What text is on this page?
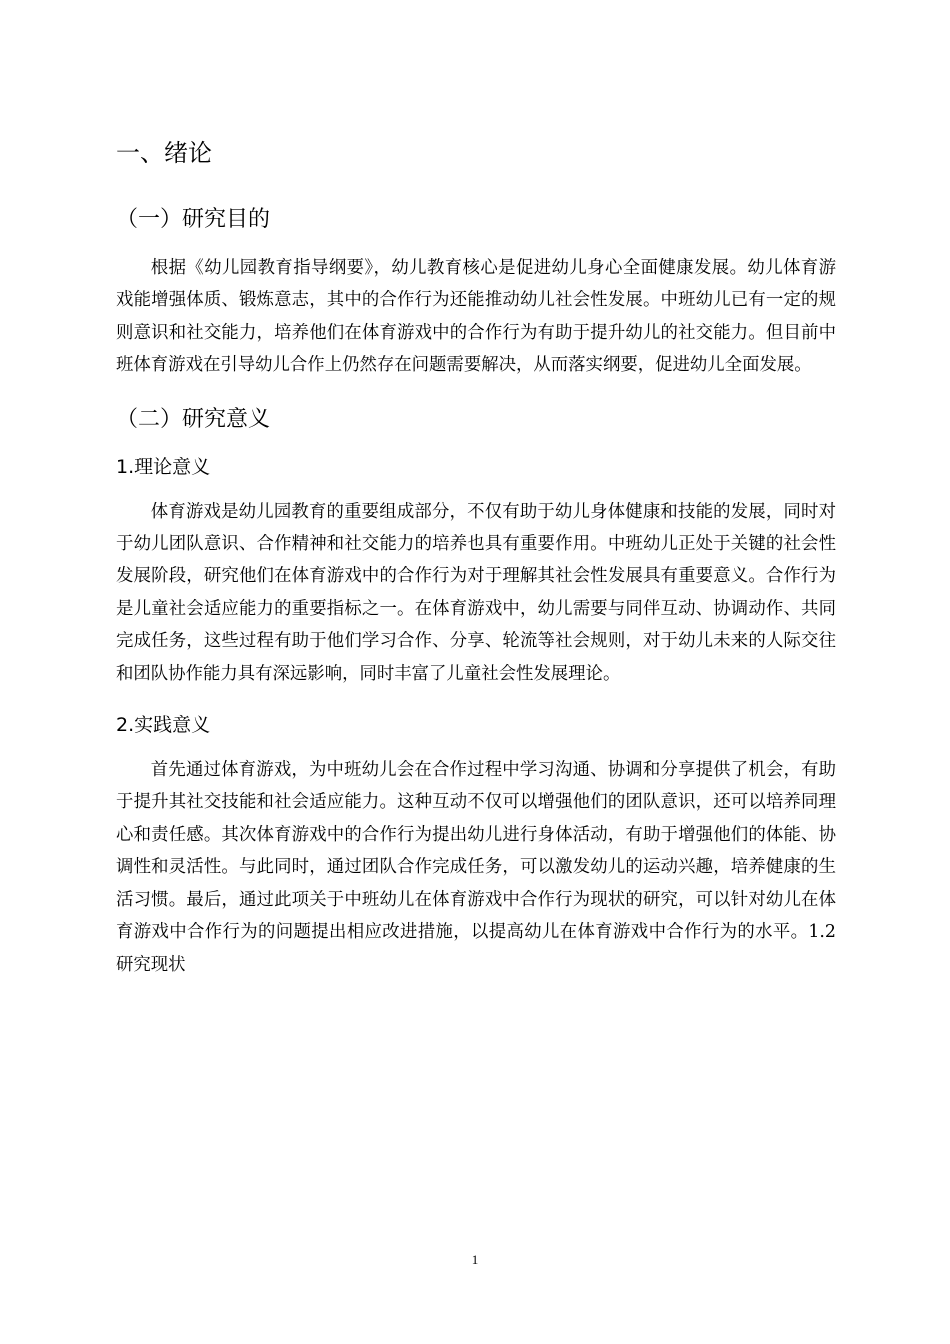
一、绪论
（一）研究目的

根据《幼儿园教育指导纲要》，幼儿教育核心是促进幼儿身心全面健康发展。幼儿体育游戏能增强体质、锻炼意志，其中的合作行为还能推动幼儿社会性发展。中班幼儿已有一定的规则意识和社交能力，培养他们在体育游戏中的合作行为有助于提升幼儿的社交能力。但目前中班体育游戏在引导幼儿合作上仍然存在问题需要解决，从而落实纲要，促进幼儿全面发展。

（二）研究意义
1.理论意义

体育游戏是幼儿园教育的重要组成部分，不仅有助于幼儿身体健康和技能的发展，同时对于幼儿团队意识、合作精神和社交能力的培养也具有重要作用。中班幼儿正处于关键的社会性发展阶段，研究他们在体育游戏中的合作行为对于理解其社会性发展具有重要意义。合作行为是儿童社会适应能力的重要指标之一。在体育游戏中，幼儿需要与同伴互动、协调动作、共同完成任务，这些过程有助于他们学习合作、分享、轮流等社会规则，对于幼儿未来的人际交往和团队协作能力具有深远影响，同时丰富了儿童社会性发展理论。

2.实践意义

首先通过体育游戏，为中班幼儿会在合作过程中学习沟通、协调和分享提供了机会，有助于提升其社交技能和社会适应能力。这种互动不仅可以增强他们的团队意识，还可以培养同理心和责任感。其次体育游戏中的合作行为提出幼儿进行身体活动，有助于增强他们的体能、协调性和灵活性。与此同时，通过团队合作完成任务，可以激发幼儿的运动兴趣，培养健康的生活习惯。最后，通过此项关于中班幼儿在体育游戏中合作行为现状的研究，可以针对幼儿在体育游戏中合作行为的问题提出相应改进措施，以提高幼儿在体育游戏中合作行为的水平。1.2 研究现状

1
